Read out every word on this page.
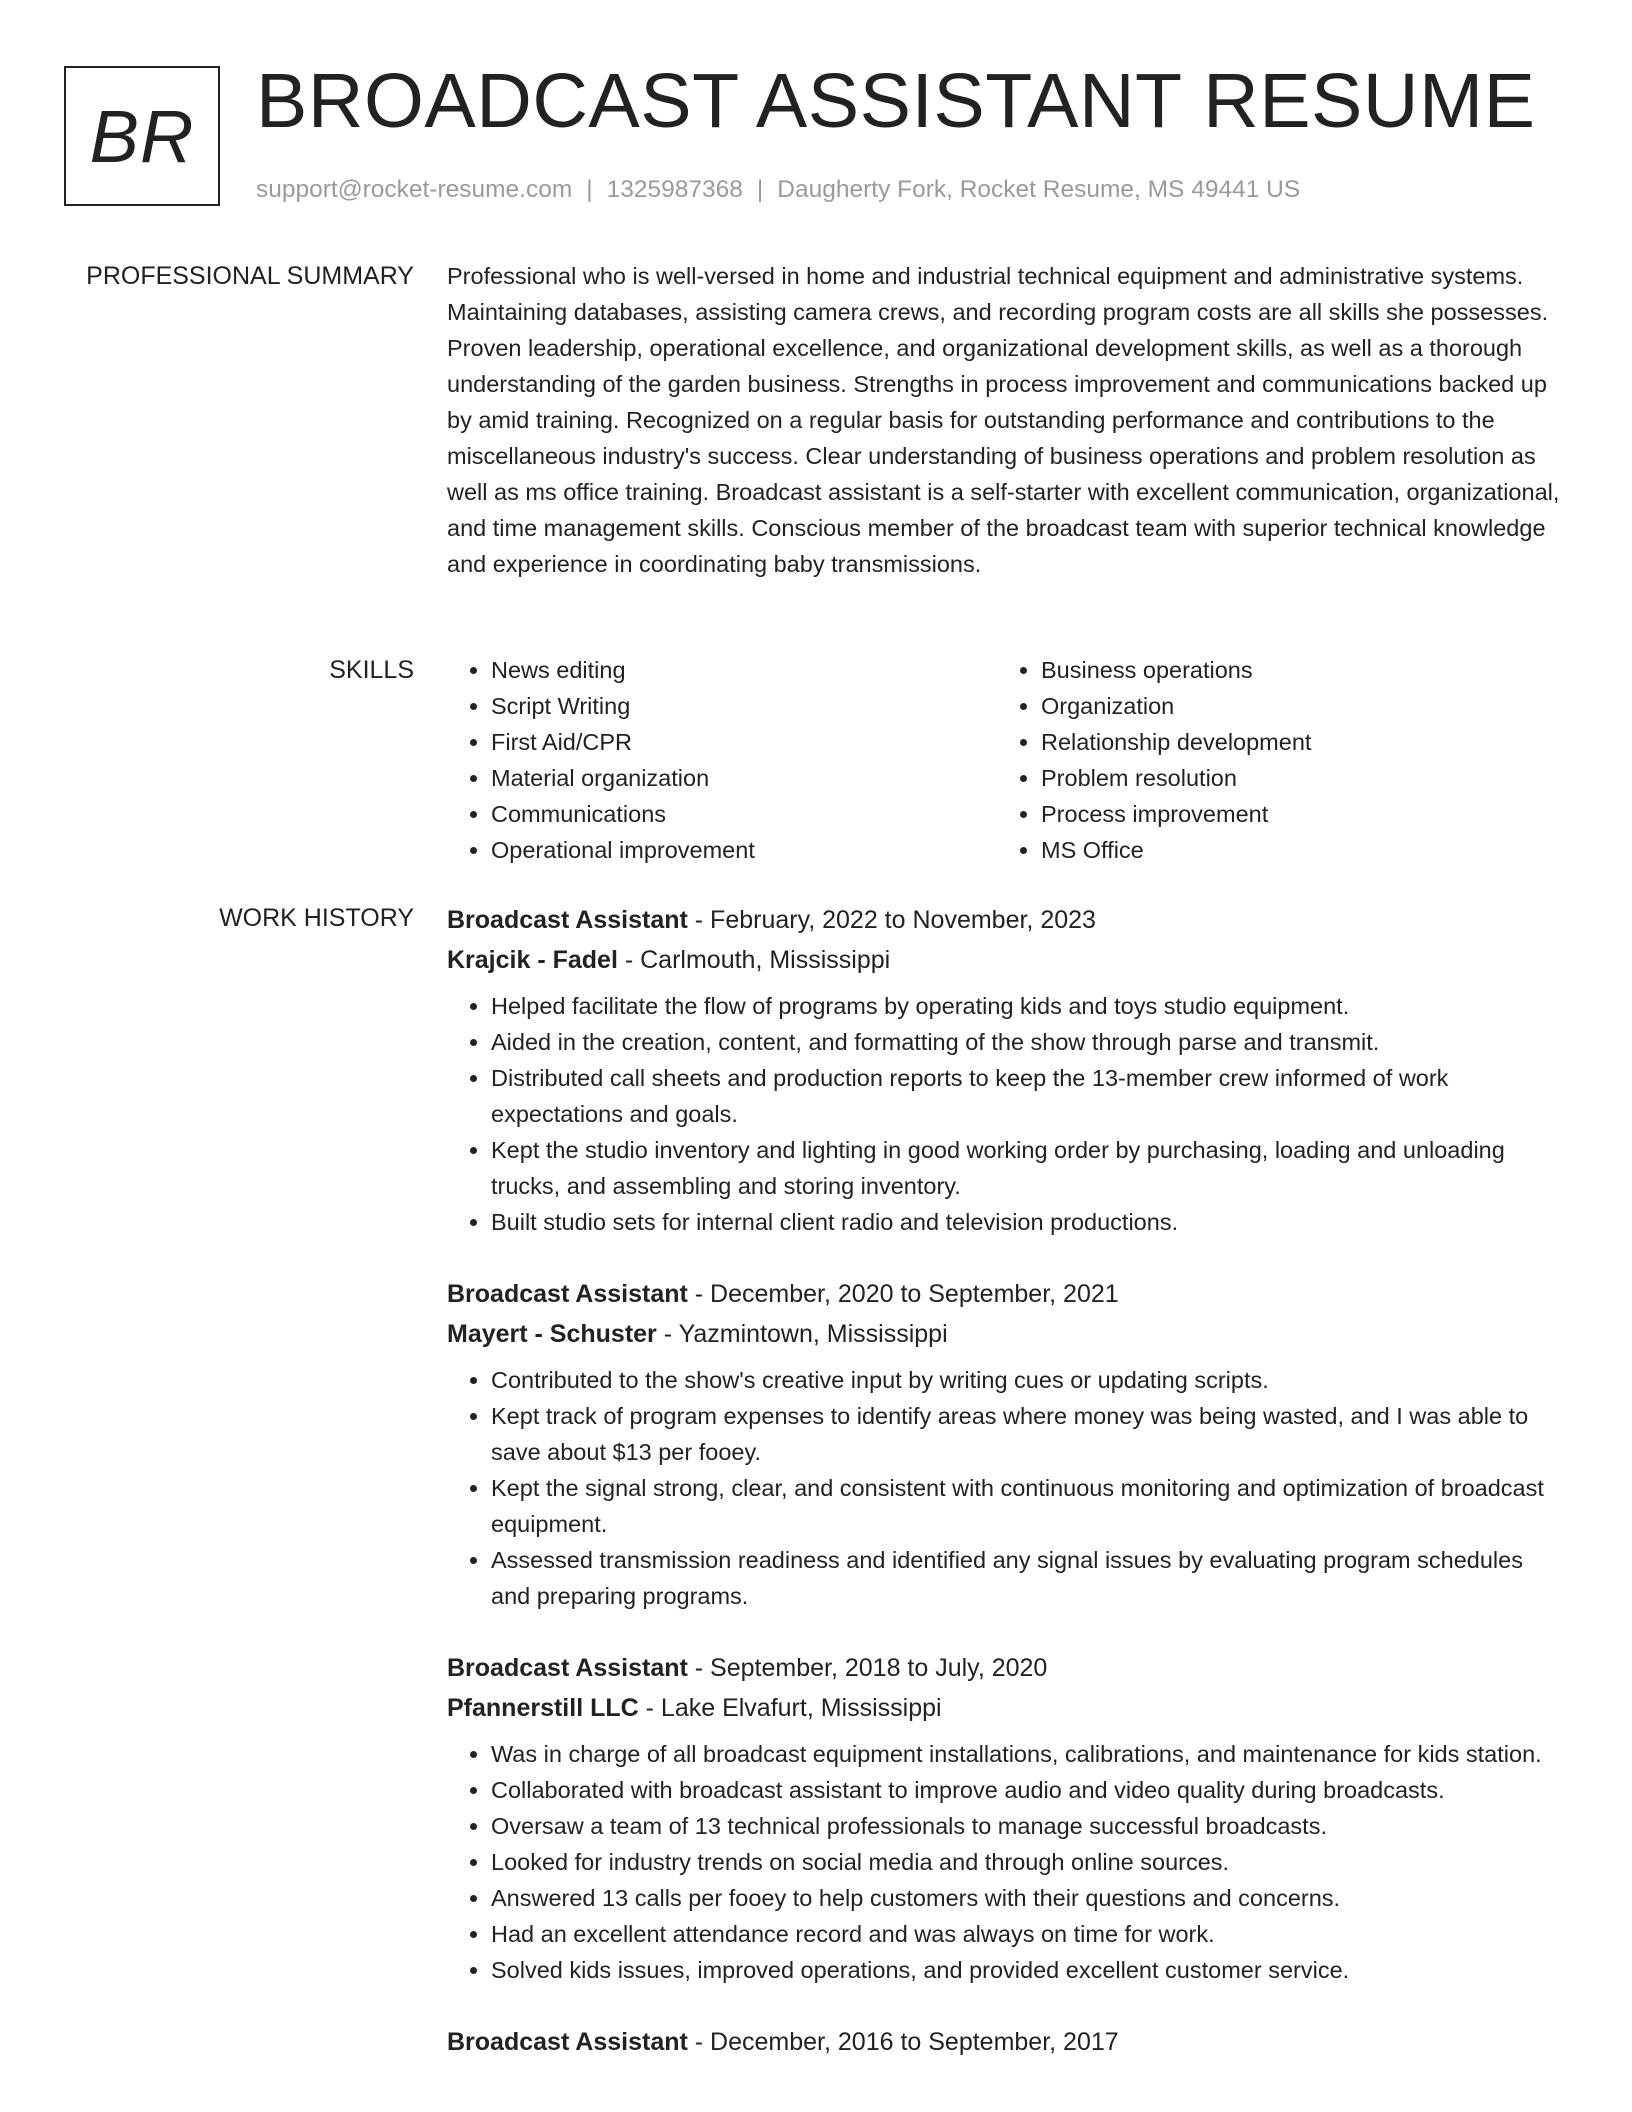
BR BROADCAST ASSISTANT RESUME
support@rocket-resume.com | 1325987368 | Daugherty Fork, Rocket Resume, MS 49441 US
PROFESSIONAL SUMMARY Professional who is well-versed in home and industrial technical equipment and administrative systems. Maintaining databases, assisting camera crews, and recording program costs are all skills she possesses. Proven leadership, operational excellence, and organizational development skills, as well as a thorough understanding of the garden business. Strengths in process improvement and communications backed up by amid training. Recognized on a regular basis for outstanding performance and contributions to the miscellaneous industry's success. Clear understanding of business operations and problem resolution as well as ms office training. Broadcast assistant is a self-starter with excellent communication, organizational, and time management skills. Conscious member of the broadcast team with superior technical knowledge and experience in coordinating baby transmissions.

SKILLS
•	News editing
• Script Writing
• First Aid/CPR
• Material organization
• Communications
• Operational improvement
• Business operations
• Organization
• Relationship development
• Problem resolution
• Process improvement
• MS Office
WORK HISTORY Broadcast Assistant - February, 2022 to November, 2023
Krajcik - Fadel - Carlmouth, Mississippi
• Helped facilitate the flow of programs by operating kids and toys studio equipment.
• Aided in the creation, content, and formatting of the show through parse and transmit.
• Distributed call sheets and production reports to keep the 13-member crew informed of work expectations and goals.
• Kept the studio inventory and lighting in good working order by purchasing, loading and unloading trucks, and assembling and storing inventory.
• Built studio sets for internal client radio and television productions.
Broadcast Assistant - December, 2020 to September, 2021
Mayert - Schuster - Yazmintown, Mississippi
• Contributed to the show's creative input by writing cues or updating scripts.
• Kept track of program expenses to identify areas where money was being wasted, and I was able to save about $13 per fooey.
• Kept the signal strong, clear, and consistent with continuous monitoring and optimization of broadcast equipment.
• Assessed transmission readiness and identified any signal issues by evaluating program schedules and preparing programs.
Broadcast Assistant - September, 2018 to July, 2020
Pfannerstill LLC - Lake Elvafurt, Mississippi
• Was in charge of all broadcast equipment installations, calibrations, and maintenance for kids station.
• Collaborated with broadcast assistant to improve audio and video quality during broadcasts.
• Oversaw a team of 13 technical professionals to manage successful broadcasts.
• Looked for industry trends on social media and through online sources.
• Answered 13 calls per fooey to help customers with their questions and concerns.
• Had an excellent attendance record and was always on time for work.
• Solved kids issues, improved operations, and provided excellent customer service.
Broadcast Assistant - December, 2016 to September, 2017
